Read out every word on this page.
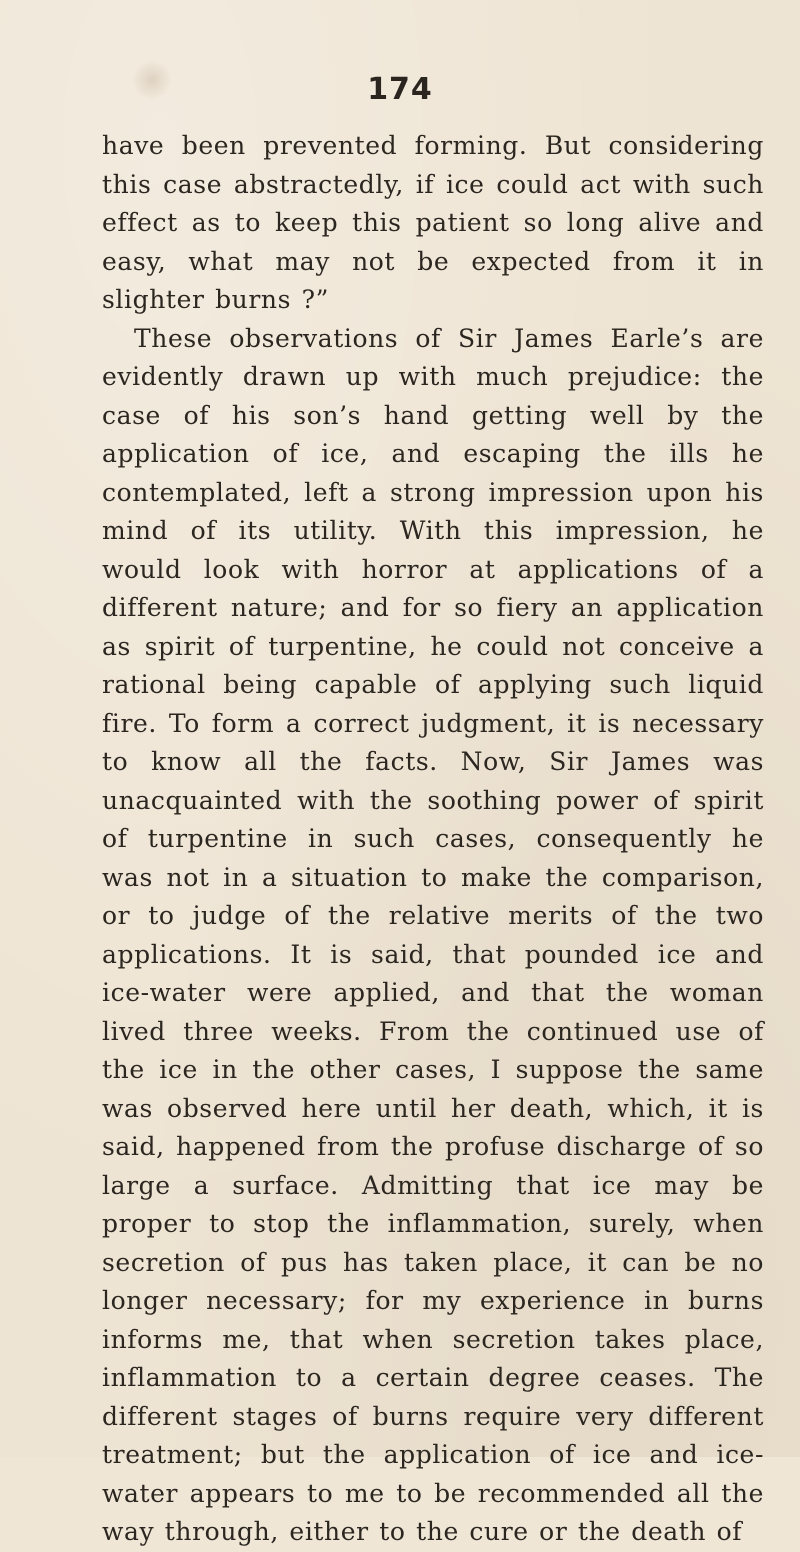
174

have been prevented forming. But considering this case abstractedly, if ice could act with such effect as to keep this patient so long alive and easy, what may not be expected from it in slighter burns ?”

These observations of Sir James Earle’s are evidently drawn up with much prejudice: the case of his son’s hand getting well by the application of ice, and escaping the ills he contemplated, left a strong impression upon his mind of its utility. With this impression, he would look with horror at applications of a different nature; and for so fiery an application as spirit of turpentine, he could not conceive a rational being capable of applying such liquid fire. To form a correct judgment, it is necessary to know all the facts. Now, Sir James was unacquainted with the soothing power of spirit of turpentine in such cases, consequently he was not in a situation to make the comparison, or to judge of the relative merits of the two applications. It is said, that pounded ice and ice-water were applied, and that the woman lived three weeks. From the continued use of the ice in the other cases, I suppose the same was observed here until her death, which, it is said, happened from the profuse discharge of so large a surface. Admitting that ice may be proper to stop the inflammation, surely, when secretion of pus has taken place, it can be no longer necessary; for my experience in burns informs me, that when secretion takes place, inflammation to a certain degree ceases. The different stages of burns require very different treatment; but the application of ice and ice-water appears to me to be recommended all the way through, either to the cure or the death of
